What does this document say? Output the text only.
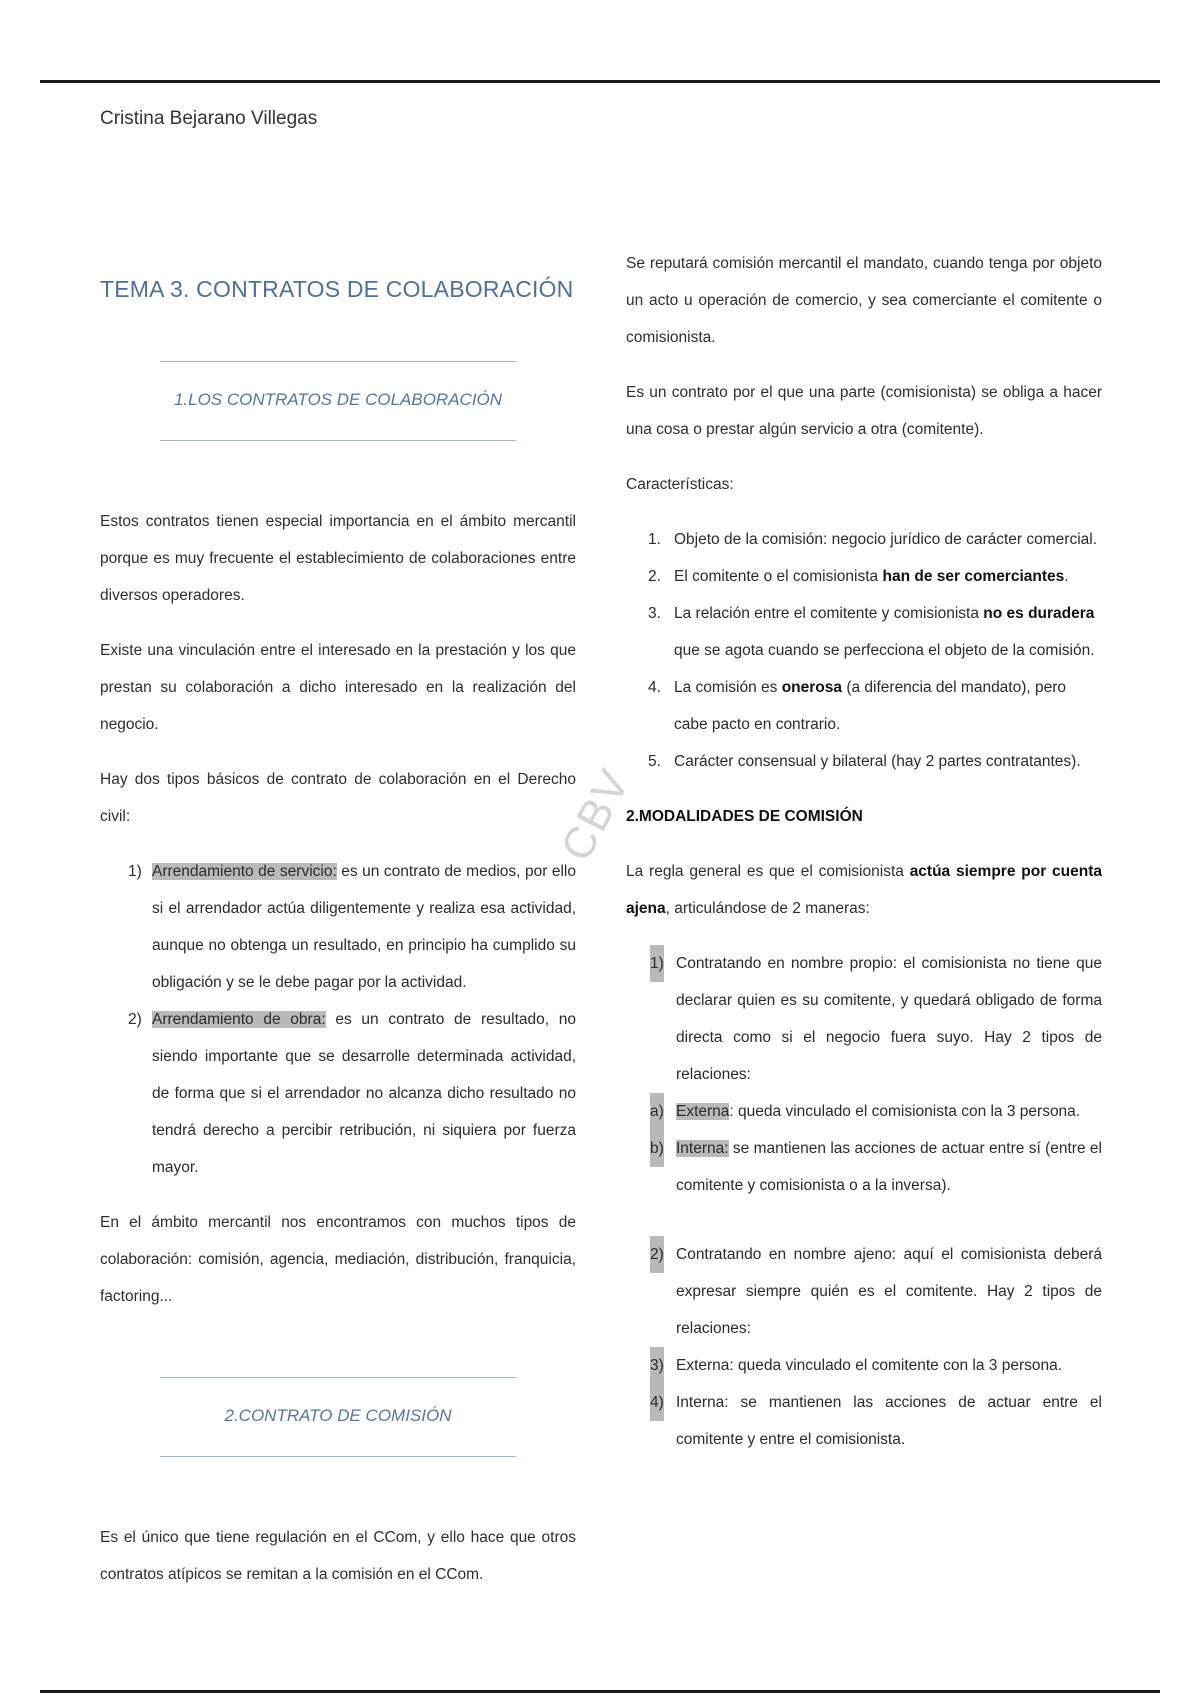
Cristina Bejarano Villegas
CBV
TEMA 3. CONTRATOS DE COLABORACIÓN
1.LOS CONTRATOS DE COLABORACIÓN

Estos contratos tienen especial importancia en el ámbito mercantil porque es muy frecuente el establecimiento de colaboraciones entre diversos operadores.

Existe una vinculación entre el interesado en la prestación y los que prestan su colaboración a dicho interesado en la realización del negocio.

Hay dos tipos básicos de contrato de colaboración en el Derecho civil:

1) Arrendamiento de servicio: es un contrato de medios, por ello si el arrendador actúa diligentemente y realiza esa actividad, aunque no obtenga un resultado, en principio ha cumplido su obligación y se le debe pagar por la actividad.
2) Arrendamiento de obra: es un contrato de resultado, no siendo importante que se desarrolle determinada actividad, de forma que si el arrendador no alcanza dicho resultado no tendrá derecho a percibir retribución, ni siquiera por fuerza mayor.

En el ámbito mercantil nos encontramos con muchos tipos de colaboración: comisión, agencia, mediación, distribución, franquicia, factoring...

2.CONTRATO DE COMISIÓN

Es el único que tiene regulación en el CCom, y ello hace que otros contratos atípicos se remitan a la comisión en el CCom.

Se reputará comisión mercantil el mandato, cuando tenga por objeto un acto u operación de comercio, y sea comerciante el comitente o comisionista.

Es un contrato por el que una parte (comisionista) se obliga a hacer una cosa o prestar algún servicio a otra (comitente).

Características:

1. Objeto de la comisión: negocio jurídico de carácter comercial.
2. El comitente o el comisionista han de ser comerciantes.
3. La relación entre el comitente y comisionista no es duradera que se agota cuando se perfecciona el objeto de la comisión.
4. La comisión es onerosa (a diferencia del mandato), pero cabe pacto en contrario.
5. Carácter consensual y bilateral (hay 2 partes contratantes).

2.MODALIDADES DE COMISIÓN

La regla general es que el comisionista actúa siempre por cuenta ajena, articulándose de 2 maneras:

1) Contratando en nombre propio: el comisionista no tiene que declarar quien es su comitente, y quedará obligado de forma directa como si el negocio fuera suyo. Hay 2 tipos de relaciones:
a) Externa: queda vinculado el comisionista con la 3 persona.
b) Interna: se mantienen las acciones de actuar entre sí (entre el comitente y comisionista o a la inversa).
2) Contratando en nombre ajeno: aquí el comisionista deberá expresar siempre quién es el comitente. Hay 2 tipos de relaciones:
3) Externa: queda vinculado el comitente con la 3 persona.
4) Interna: se mantienen las acciones de actuar entre el comitente y entre el comisionista.
